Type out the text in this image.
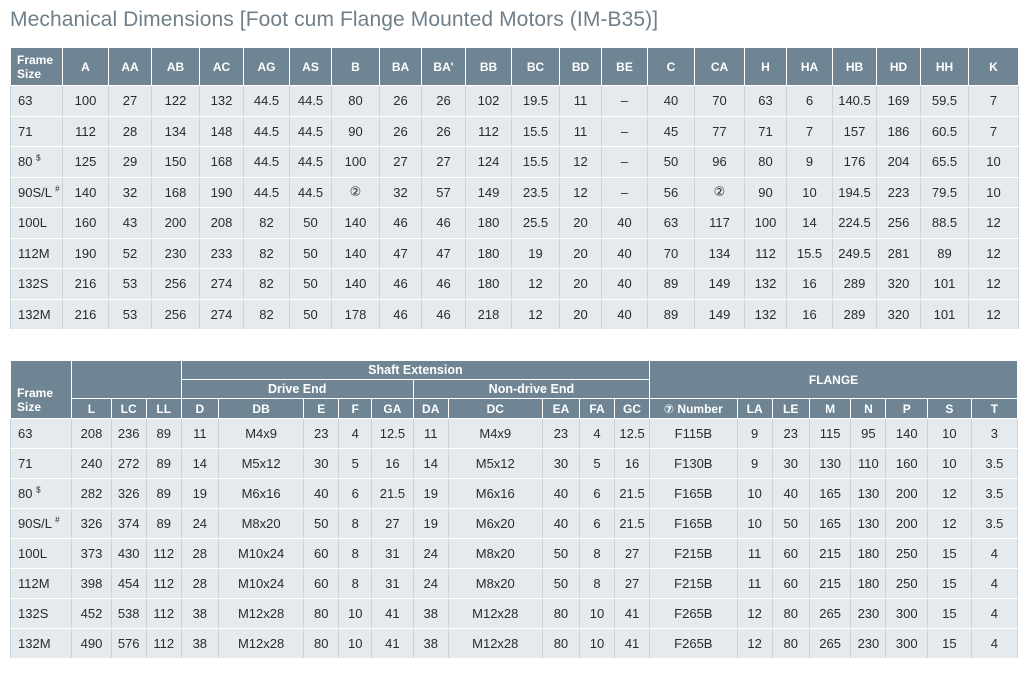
Mechanical Dimensions [Foot cum Flange Mounted Motors (IM-B35)]
Frame
Size	A	AA	AB	AC	AG	AS	B	BA	BA'	BB	BC	BD	BE	C	CA	H	HA	HB	HD	HH	K
63	100	27	122	132	44.5	44.5	80	26	26	102	19.5	11	–	40	70	63	6	140.5	169	59.5	7
71	112	28	134	148	44.5	44.5	90	26	26	112	15.5	11	–	45	77	71	7	157	186	60.5	7
80 $	125	29	150	168	44.5	44.5	100	27	27	124	15.5	12	–	50	96	80	9	176	204	65.5	10
90S/L #	140	32	168	190	44.5	44.5	②	32	57	149	23.5	12	–	56	②	90	10	194.5	223	79.5	10
100L	160	43	200	208	82	50	140	46	46	180	25.5	20	40	63	117	100	14	224.5	256	88.5	12
112M	190	52	230	233	82	50	140	47	47	180	19	20	40	70	134	112	15.5	249.5	281	89	12
132S	216	53	256	274	82	50	140	46	46	180	12	20	40	89	149	132	16	289	320	101	12
132M	216	53	256	274	82	50	178	46	46	218	12	20	40	89	149	132	16	289	320	101	12
Frame
Size				Shaft Extension										FLANGE							
				Drive End					Non-drive End												
	L	LC	LL	D	DB	E	F	GA	DA	DC	EA	FA	GC	⑦ Number	LA	LE	M	N	P	S	T
63	208	236	89	11	M4x9	23	4	12.5	11	M4x9	23	4	12.5	F115B	9	23	115	95	140	10	3
71	240	272	89	14	M5x12	30	5	16	14	M5x12	30	5	16	F130B	9	30	130	110	160	10	3.5
80 $	282	326	89	19	M6x16	40	6	21.5	19	M6x16	40	6	21.5	F165B	10	40	165	130	200	12	3.5
90S/L #	326	374	89	24	M8x20	50	8	27	19	M6x20	40	6	21.5	F165B	10	50	165	130	200	12	3.5
100L	373	430	112	28	M10x24	60	8	31	24	M8x20	50	8	27	F215B	11	60	215	180	250	15	4
112M	398	454	112	28	M10x24	60	8	31	24	M8x20	50	8	27	F215B	11	60	215	180	250	15	4
132S	452	538	112	38	M12x28	80	10	41	38	M12x28	80	10	41	F265B	12	80	265	230	300	15	4
132M	490	576	112	38	M12x28	80	10	41	38	M12x28	80	10	41	F265B	12	80	265	230	300	15	4
